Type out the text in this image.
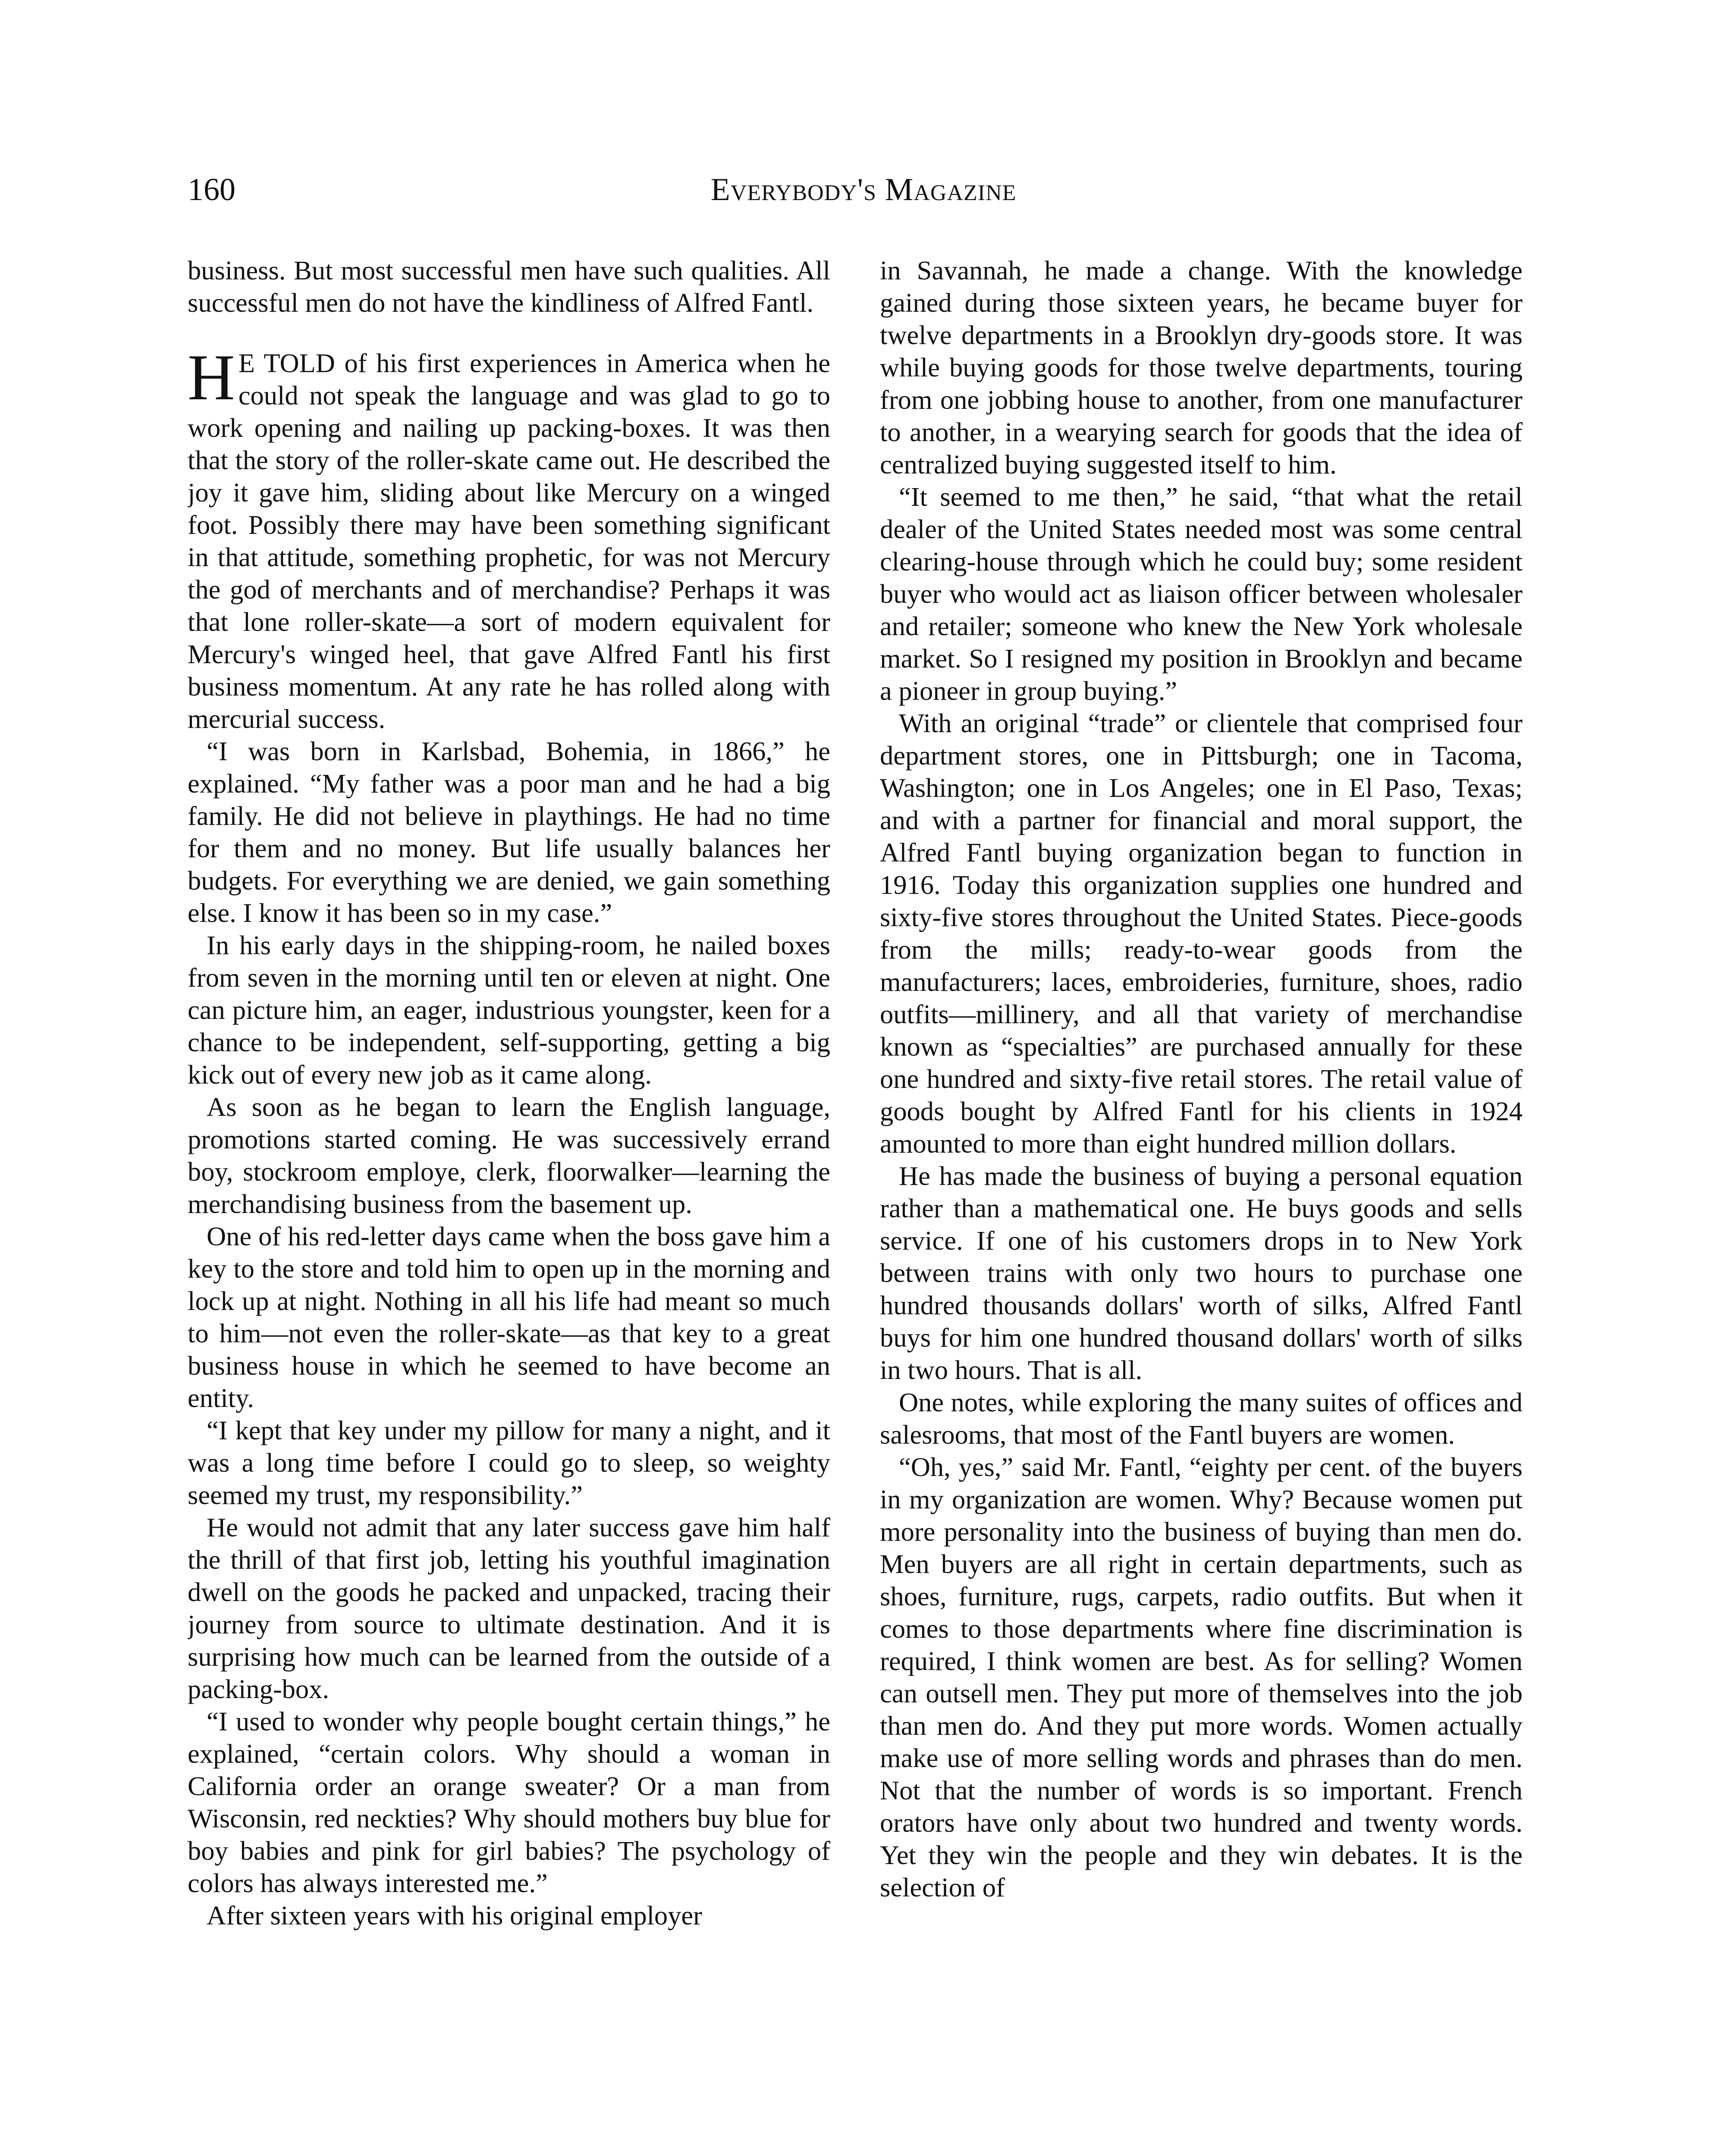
160	Everybody's Magazine

business. But most successful men have such qualities. All successful men do not have the kindliness of Alfred Fantl.

H E TOLD of his first experiences in America when he could not speak the language and was glad to go to work opening and nailing up packing-boxes. It was then that the story of the roller-skate came out. He described the joy it gave him, sliding about like Mercury on a winged foot. Possibly there may have been something significant in that attitude, something prophetic, for was not Mercury the god of merchants and of merchandise? Perhaps it was that lone roller-skate—a sort of modern equivalent for Mercury's winged heel, that gave Alfred Fantl his first business momentum. At any rate he has rolled along with mercurial success.

“I was born in Karlsbad, Bohemia, in 1866,” he explained. “My father was a poor man and he had a big family. He did not believe in playthings. He had no time for them and no money. But life usually balances her budgets. For everything we are denied, we gain something else. I know it has been so in my case.”

In his early days in the shipping-room, he nailed boxes from seven in the morning until ten or eleven at night. One can picture him, an eager, industrious youngster, keen for a chance to be independent, self-supporting, getting a big kick out of every new job as it came along.

As soon as he began to learn the English language, promotions started coming. He was successively errand boy, stockroom employe, clerk, floorwalker—learning the merchandising business from the basement up.

One of his red-letter days came when the boss gave him a key to the store and told him to open up in the morning and lock up at night. Nothing in all his life had meant so much to him—not even the roller-skate—as that key to a great business house in which he seemed to have become an entity.

“I kept that key under my pillow for many a night, and it was a long time before I could go to sleep, so weighty seemed my trust, my responsibility.”

He would not admit that any later success gave him half the thrill of that first job, letting his youthful imagination dwell on the goods he packed and unpacked, tracing their journey from source to ultimate destination. And it is surprising how much can be learned from the outside of a packing-box.

“I used to wonder why people bought certain things,” he explained, “certain colors. Why should a woman in California order an orange sweater? Or a man from Wisconsin, red neckties? Why should mothers buy blue for boy babies and pink for girl babies? The psychology of colors has always interested me.”

After sixteen years with his original employer

in Savannah, he made a change. With the knowledge gained during those sixteen years, he became buyer for twelve departments in a Brooklyn dry-goods store. It was while buying goods for those twelve departments, touring from one jobbing house to another, from one manufacturer to another, in a wearying search for goods that the idea of centralized buying suggested itself to him.

“It seemed to me then,” he said, “that what the retail dealer of the United States needed most was some central clearing-house through which he could buy; some resident buyer who would act as liaison officer between wholesaler and retailer; someone who knew the New York wholesale market. So I resigned my position in Brooklyn and became a pioneer in group buying.”

With an original “trade” or clientele that comprised four department stores, one in Pittsburgh; one in Tacoma, Washington; one in Los Angeles; one in El Paso, Texas; and with a partner for financial and moral support, the Alfred Fantl buying organization began to function in 1916. Today this organization supplies one hundred and sixty-five stores throughout the United States. Piece-goods from the mills; ready-to-wear goods from the manufacturers; laces, embroideries, furniture, shoes, radio outfits—millinery, and all that variety of merchandise known as “specialties” are purchased annually for these one hundred and sixty-five retail stores. The retail value of goods bought by Alfred Fantl for his clients in 1924 amounted to more than eight hundred million dollars.

He has made the business of buying a personal equation rather than a mathematical one. He buys goods and sells service. If one of his customers drops in to New York between trains with only two hours to purchase one hundred thousands dollars' worth of silks, Alfred Fantl buys for him one hundred thousand dollars' worth of silks in two hours. That is all.

One notes, while exploring the many suites of offices and salesrooms, that most of the Fantl buyers are women.

“Oh, yes,” said Mr. Fantl, “eighty per cent. of the buyers in my organization are women. Why? Because women put more personality into the business of buying than men do. Men buyers are all right in certain departments, such as shoes, furniture, rugs, carpets, radio outfits. But when it comes to those departments where fine discrimination is required, I think women are best. As for selling? Women can outsell men. They put more of themselves into the job than men do. And they put more words. Women actually make use of more selling words and phrases than do men. Not that the number of words is so important. French orators have only about two hundred and twenty words. Yet they win the people and they win debates. It is the selection of
